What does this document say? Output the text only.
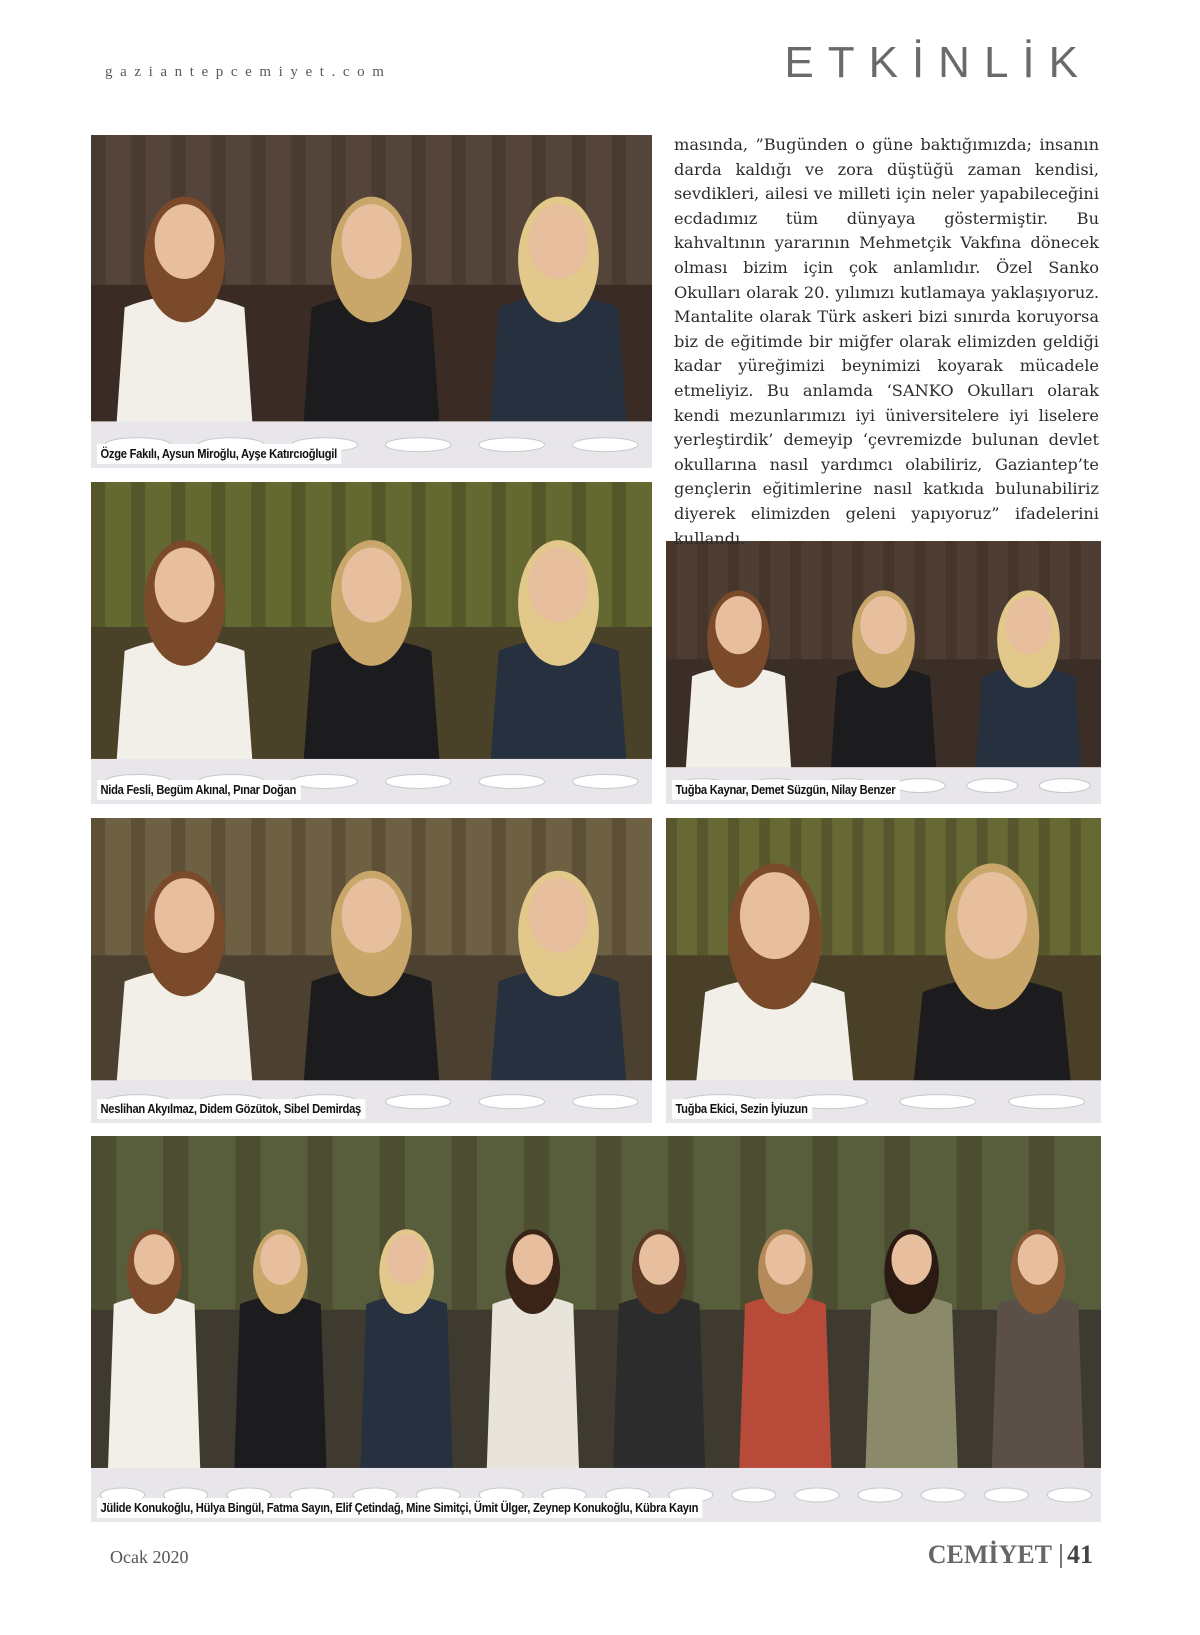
gaziantepcemiyet.com	ETKİNLİK
Özge Fakılı, Aysun Miroğlu, Ayşe Katırcıoğlugil
Nida Fesli, Begüm Akınal, Pınar Doğan	Tuğba Kaynar, Demet Süzgün, Nilay Benzer
Neslihan Akyılmaz, Didem Gözütok, Sibel Demirdaş	Tuğba Ekici, Sezin İyiuzun
Jülide Konukoğlu, Hülya Bingül, Fatma Sayın, Elif Çetindağ, Mine Simitçi, Ümit Ülger, Zeynep Konukoğlu, Kübra Kayın

masında, ”Bugünden o güne baktığımızda; insanın darda kaldığı ve zora düştüğü zaman kendisi, sevdikleri, ailesi ve milleti için neler yapabileceğini ecdadımız tüm dünyaya göstermiştir. Bu kahvaltının yararının Mehmetçik Vakfına dönecek olması bizim için çok anlamlıdır. Özel Sanko Okulları olarak 20. yılımızı kutlamaya yaklaşıyoruz. Mantalite olarak Türk askeri bizi sınırda koruyorsa biz de eğitimde bir miğfer olarak elimizden geldiği kadar yüreğimizi beynimizi koyarak mücadele etmeliyiz. Bu anlamda ‘SANKO Okulları olarak kendi mezunlarımızı iyi üniversitelere iyi liselere yerleştirdik’ demeyip ‘çevremizde bulunan devlet okullarına nasıl yardımcı olabiliriz, Gaziantep’te gençlerin eğitimlerine nasıl katkıda bulunabiliriz diyerek elimizden geleni yapıyoruz” ifadelerini kullandı.

Ocak 2020	CEMİYET 41
